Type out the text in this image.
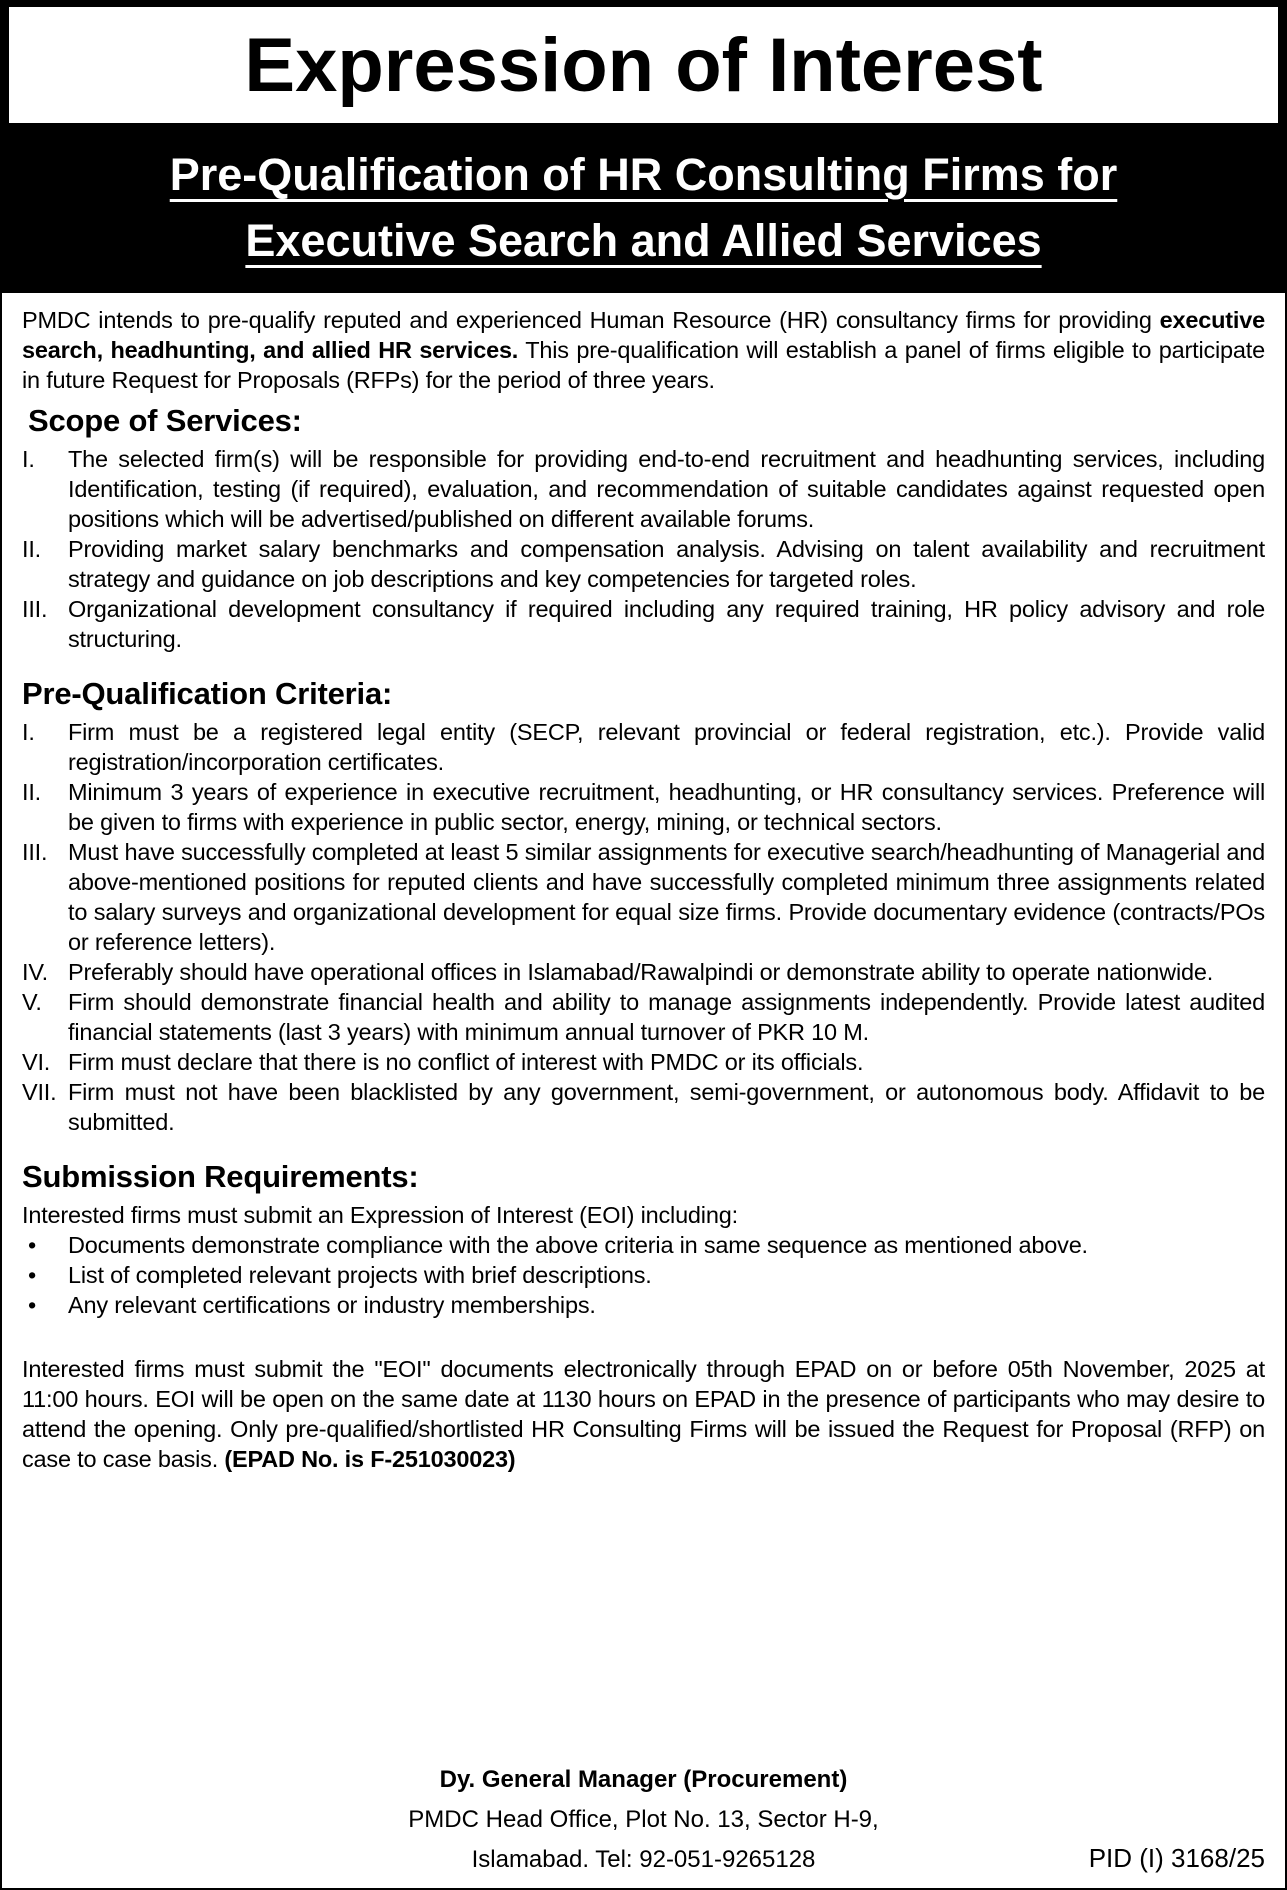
Expression of Interest
Pre-Qualification of HR Consulting Firms for
Executive Search and Allied Services

PMDC intends to pre-qualify reputed and experienced Human Resource (HR) consultancy firms for providing executive search, headhunting, and allied HR services. This pre-qualification will establish a panel of firms eligible to participate in future Request for Proposals (RFPs) for the period of three years.

Scope of Services:
I.	The selected firm(s) will be responsible for providing end-to-end recruitment and headhunting services, including Identification, testing (if required), evaluation, and recommendation of suitable candidates against requested open positions which will be advertised/published on different available forums.
II.	Providing market salary benchmarks and compensation analysis. Advising on talent availability and recruitment strategy and guidance on job descriptions and key competencies for targeted roles.
III. Organizational development consultancy if required including any required training, HR policy advisory and role structuring.
Pre-Qualification Criteria:
I.	Firm must be a registered legal entity (SECP, relevant provincial or federal registration, etc.). Provide valid registration/incorporation certificates.
II.	Minimum 3 years of experience in executive recruitment, headhunting, or HR consultancy services. Preference will be given to firms with experience in public sector, energy, mining, or technical sectors.
III. Must have successfully completed at least 5 similar assignments for executive search/headhunting of Managerial and above-mentioned positions for reputed clients and have successfully completed minimum three assignments related to salary surveys and organizational development for equal size firms. Provide documentary evidence (contracts/POs or reference letters).
IV. Preferably should have operational offices in Islamabad/Rawalpindi or demonstrate ability to operate nationwide.
V.	Firm should demonstrate financial health and ability to manage assignments independently. Provide latest audited financial statements (last 3 years) with minimum annual turnover of PKR 10 M.
VI. Firm must declare that there is no conflict of interest with PMDC or its officials.
VII. Firm must not have been blacklisted by any government, semi-government, or autonomous body. Affidavit to be submitted.
Submission Requirements:

Interested firms must submit an Expression of Interest (EOI) including:

•	Documents demonstrate compliance with the above criteria in same sequence as mentioned above.
•	List of completed relevant projects with brief descriptions.
•	Any relevant certifications or industry memberships.

Interested firms must submit the "EOI" documents electronically through EPAD on or before 05th November, 2025 at 11:00 hours. EOI will be open on the same date at 1130 hours on EPAD in the presence of participants who may desire to attend the opening. Only pre-qualified/shortlisted HR Consulting Firms will be issued the Request for Proposal (RFP) on case to case basis. (EPAD No. is F-251030023)

Dy. General Manager (Procurement)
PMDC Head Office, Plot No. 13, Sector H-9,
Islamabad. Tel: 92-051-9265128	PID (I) 3168/25
